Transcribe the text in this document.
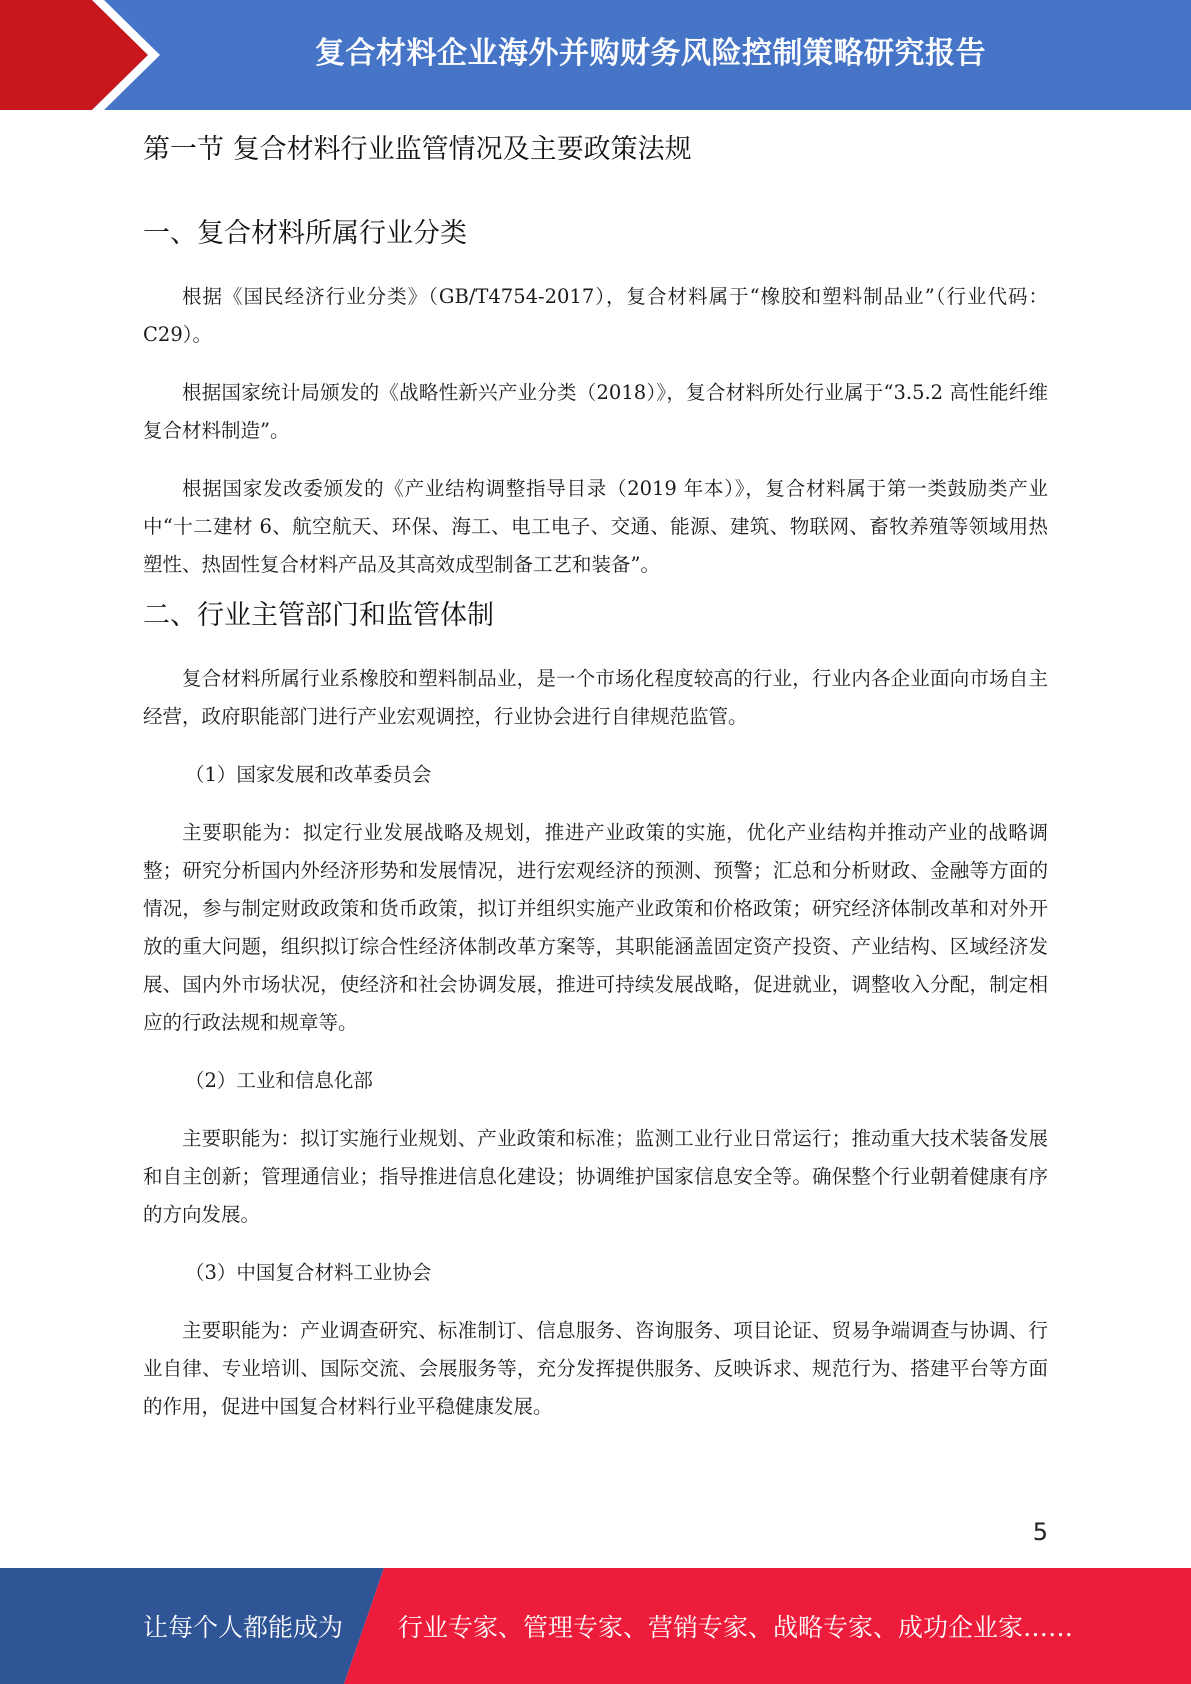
复合材料企业海外并购财务风险控制策略研究报告
第一节 复合材料行业监管情况及主要政策法规
一、复合材料所属行业分类

根据《国民经济行业分类》（GB/T4754-2017），复合材料属于“橡胶和塑料制品业”（行业代码：C29）。

根据国家统计局颁发的《战略性新兴产业分类（2018）》，复合材料所处行业属于“3.5.2 高性能纤维复合材料制造”。

根据国家发改委颁发的《产业结构调整指导目录（2019 年本）》，复合材料属于第一类鼓励类产业中“十二建材 6、航空航天、环保、海工、电工电子、交通、能源、建筑、物联网、畜牧养殖等领域用热塑性、热固性复合材料产品及其高效成型制备工艺和装备”。

二、行业主管部门和监管体制

复合材料所属行业系橡胶和塑料制品业，是一个市场化程度较高的行业，行业内各企业面向市场自主经营，政府职能部门进行产业宏观调控，行业协会进行自律规范监管。

（1）国家发展和改革委员会

主要职能为：拟定行业发展战略及规划，推进产业政策的实施，优化产业结构并推动产业的战略调整；研究分析国内外经济形势和发展情况，进行宏观经济的预测、预警；汇总和分析财政、金融等方面的情况，参与制定财政政策和货币政策，拟订并组织实施产业政策和价格政策；研究经济体制改革和对外开放的重大问题，组织拟订综合性经济体制改革方案等，其职能涵盖固定资产投资、产业结构、区域经济发展、国内外市场状况，使经济和社会协调发展，推进可持续发展战略，促进就业，调整收入分配，制定相应的行政法规和规章等。

（2）工业和信息化部

主要职能为：拟订实施行业规划、产业政策和标准；监测工业行业日常运行；推动重大技术装备发展和自主创新；管理通信业；指导推进信息化建设；协调维护国家信息安全等。确保整个行业朝着健康有序的方向发展。

（3）中国复合材料工业协会

主要职能为：产业调查研究、标准制订、信息服务、咨询服务、项目论证、贸易争端调查与协调、行业自律、专业培训、国际交流、会展服务等，充分发挥提供服务、反映诉求、规范行为、搭建平台等方面的作用，促进中国复合材料行业平稳健康发展。

5
让每个人都能成为 行业专家、管理专家、营销专家、战略专家、成功企业家……
